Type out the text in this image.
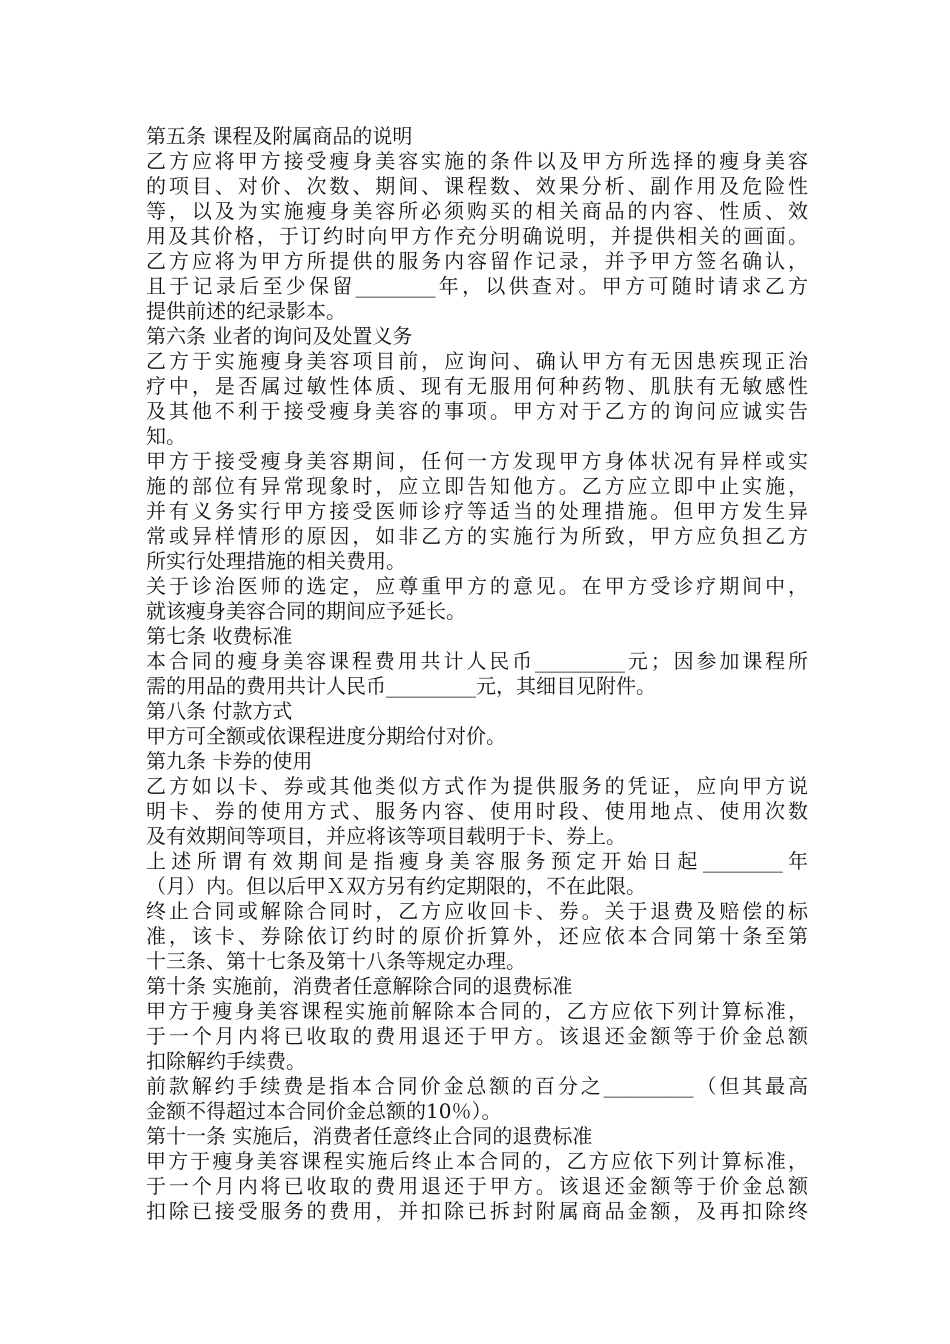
第五条 课程及附属商品的说明
乙方应将甲方接受瘦身美容实施的条件以及甲方所选择的瘦身美容
的项目、对价、次数、期间、课程数、效果分析、副作用及危险性
等，以及为实施瘦身美容所必须购买的相关商品的内容、性质、效
用及其价格，于订约时向甲方作充分明确说明，并提供相关的画面。
乙方应将为甲方所提供的服务内容留作记录，并予甲方签名确认，
且于记录后至少保留________年，以供查对。甲方可随时请求乙方
提供前述的纪录影本。
第六条 业者的询问及处置义务
乙方于实施瘦身美容项目前，应询问、确认甲方有无因患疾现正治
疗中，是否属过敏性体质、现有无服用何种药物、肌肤有无敏感性
及其他不利于接受瘦身美容的事项。甲方对于乙方的询问应诚实告
知。
甲方于接受瘦身美容期间，任何一方发现甲方身体状况有异样或实
施的部位有异常现象时，应立即告知他方。乙方应立即中止实施，
并有义务实行甲方接受医师诊疗等适当的处理措施。但甲方发生异
常或异样情形的原因，如非乙方的实施行为所致，甲方应负担乙方
所实行处理措施的相关费用。
关于诊治医师的选定，应尊重甲方的意见。在甲方受诊疗期间中，
就该瘦身美容合同的期间应予延长。
第七条 收费标准
本合同的瘦身美容课程费用共计人民币_________元；因参加课程所
需的用品的费用共计人民币_________元，其细目见附件。
第八条 付款方式
甲方可全额或依课程进度分期给付对价。
第九条 卡券的使用
乙方如以卡、券或其他类似方式作为提供服务的凭证，应向甲方说
明卡、券的使用方式、服务内容、使用时段、使用地点、使用次数
及有效期间等项目，并应将该等项目载明于卡、券上。
上述所谓有效期间是指瘦身美容服务预定开始日起________年
（月）内。但以后甲Ｘ双方另有约定期限的，不在此限。
终止合同或解除合同时，乙方应收回卡、券。关于退费及赔偿的标
准，该卡、券除依订约时的原价折算外，还应依本合同第十条至第
十三条、第十七条及第十八条等规定办理。
第十条 实施前，消费者任意解除合同的退费标准
甲方于瘦身美容课程实施前解除本合同的，乙方应依下列计算标准，
于一个月内将已收取的费用退还于甲方。该退还金额等于价金总额
扣除解约手续费。
前款解约手续费是指本合同价金总额的百分之_________（但其最高
金额不得超过本合同价金总额的10％）。
第十一条 实施后，消费者任意终止合同的退费标准
甲方于瘦身美容课程实施后终止本合同的，乙方应依下列计算标准，
于一个月内将已收取的费用退还于甲方。该退还金额等于价金总额
扣除已接受服务的费用，并扣除已拆封附属商品金额，及再扣除终
